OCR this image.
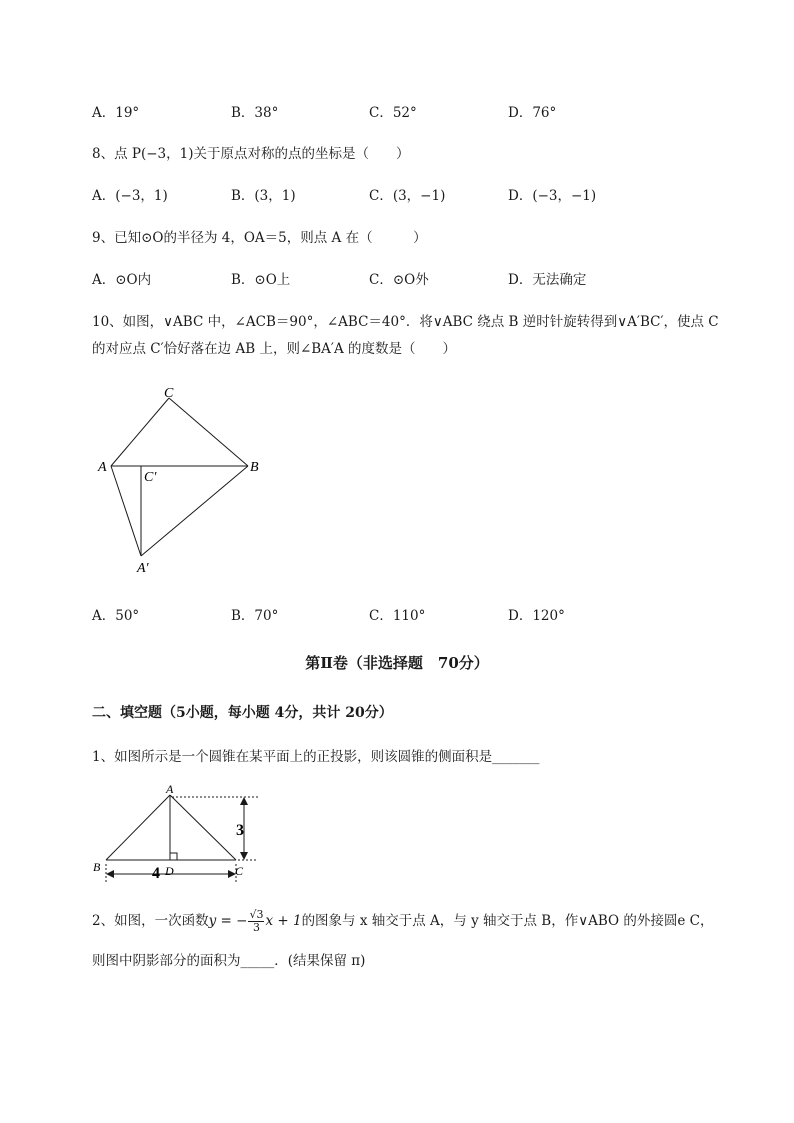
A．19°	B．38°	C．52°	D．76°
8、点 P(−3，1)关于原点对称的点的坐标是（　　）
A．(−3，1)	B．(3，1)	C．(3，−1)	D．(−3，−1)
9、已知⊙O的半径为 4，OA＝5，则点 A 在（　　　）
A．⊙O内	B．⊙O上	C．⊙O外	D．无法确定
10、如图，∨ABC 中，∠ACB＝90°，∠ABC＝40°．将∨ABC 绕点 B 逆时针旋转得到∨A′BC′，使点 C
的对应点 C′恰好落在边 AB 上，则∠BA′A 的度数是（　　）
C
A	B
C′
A′
A．50°	B．70°	C．110°	D．120°
第Ⅱ卷（非选择题　70分）
二、填空题（5小题，每小题 4分，共计 20分）
1、如图所示是一个圆锥在某平面上的正投影，则该圆锥的侧面积是_______
A
B	C
D
3
4
2、如图，一次函数y = − $\frac{√3}{3}$ x + 1的图象与 x 轴交于点 A，与 y 轴交于点 B，作∨ABO 的外接圆e C，
则图中阴影部分的面积为_____．(结果保留 π)
